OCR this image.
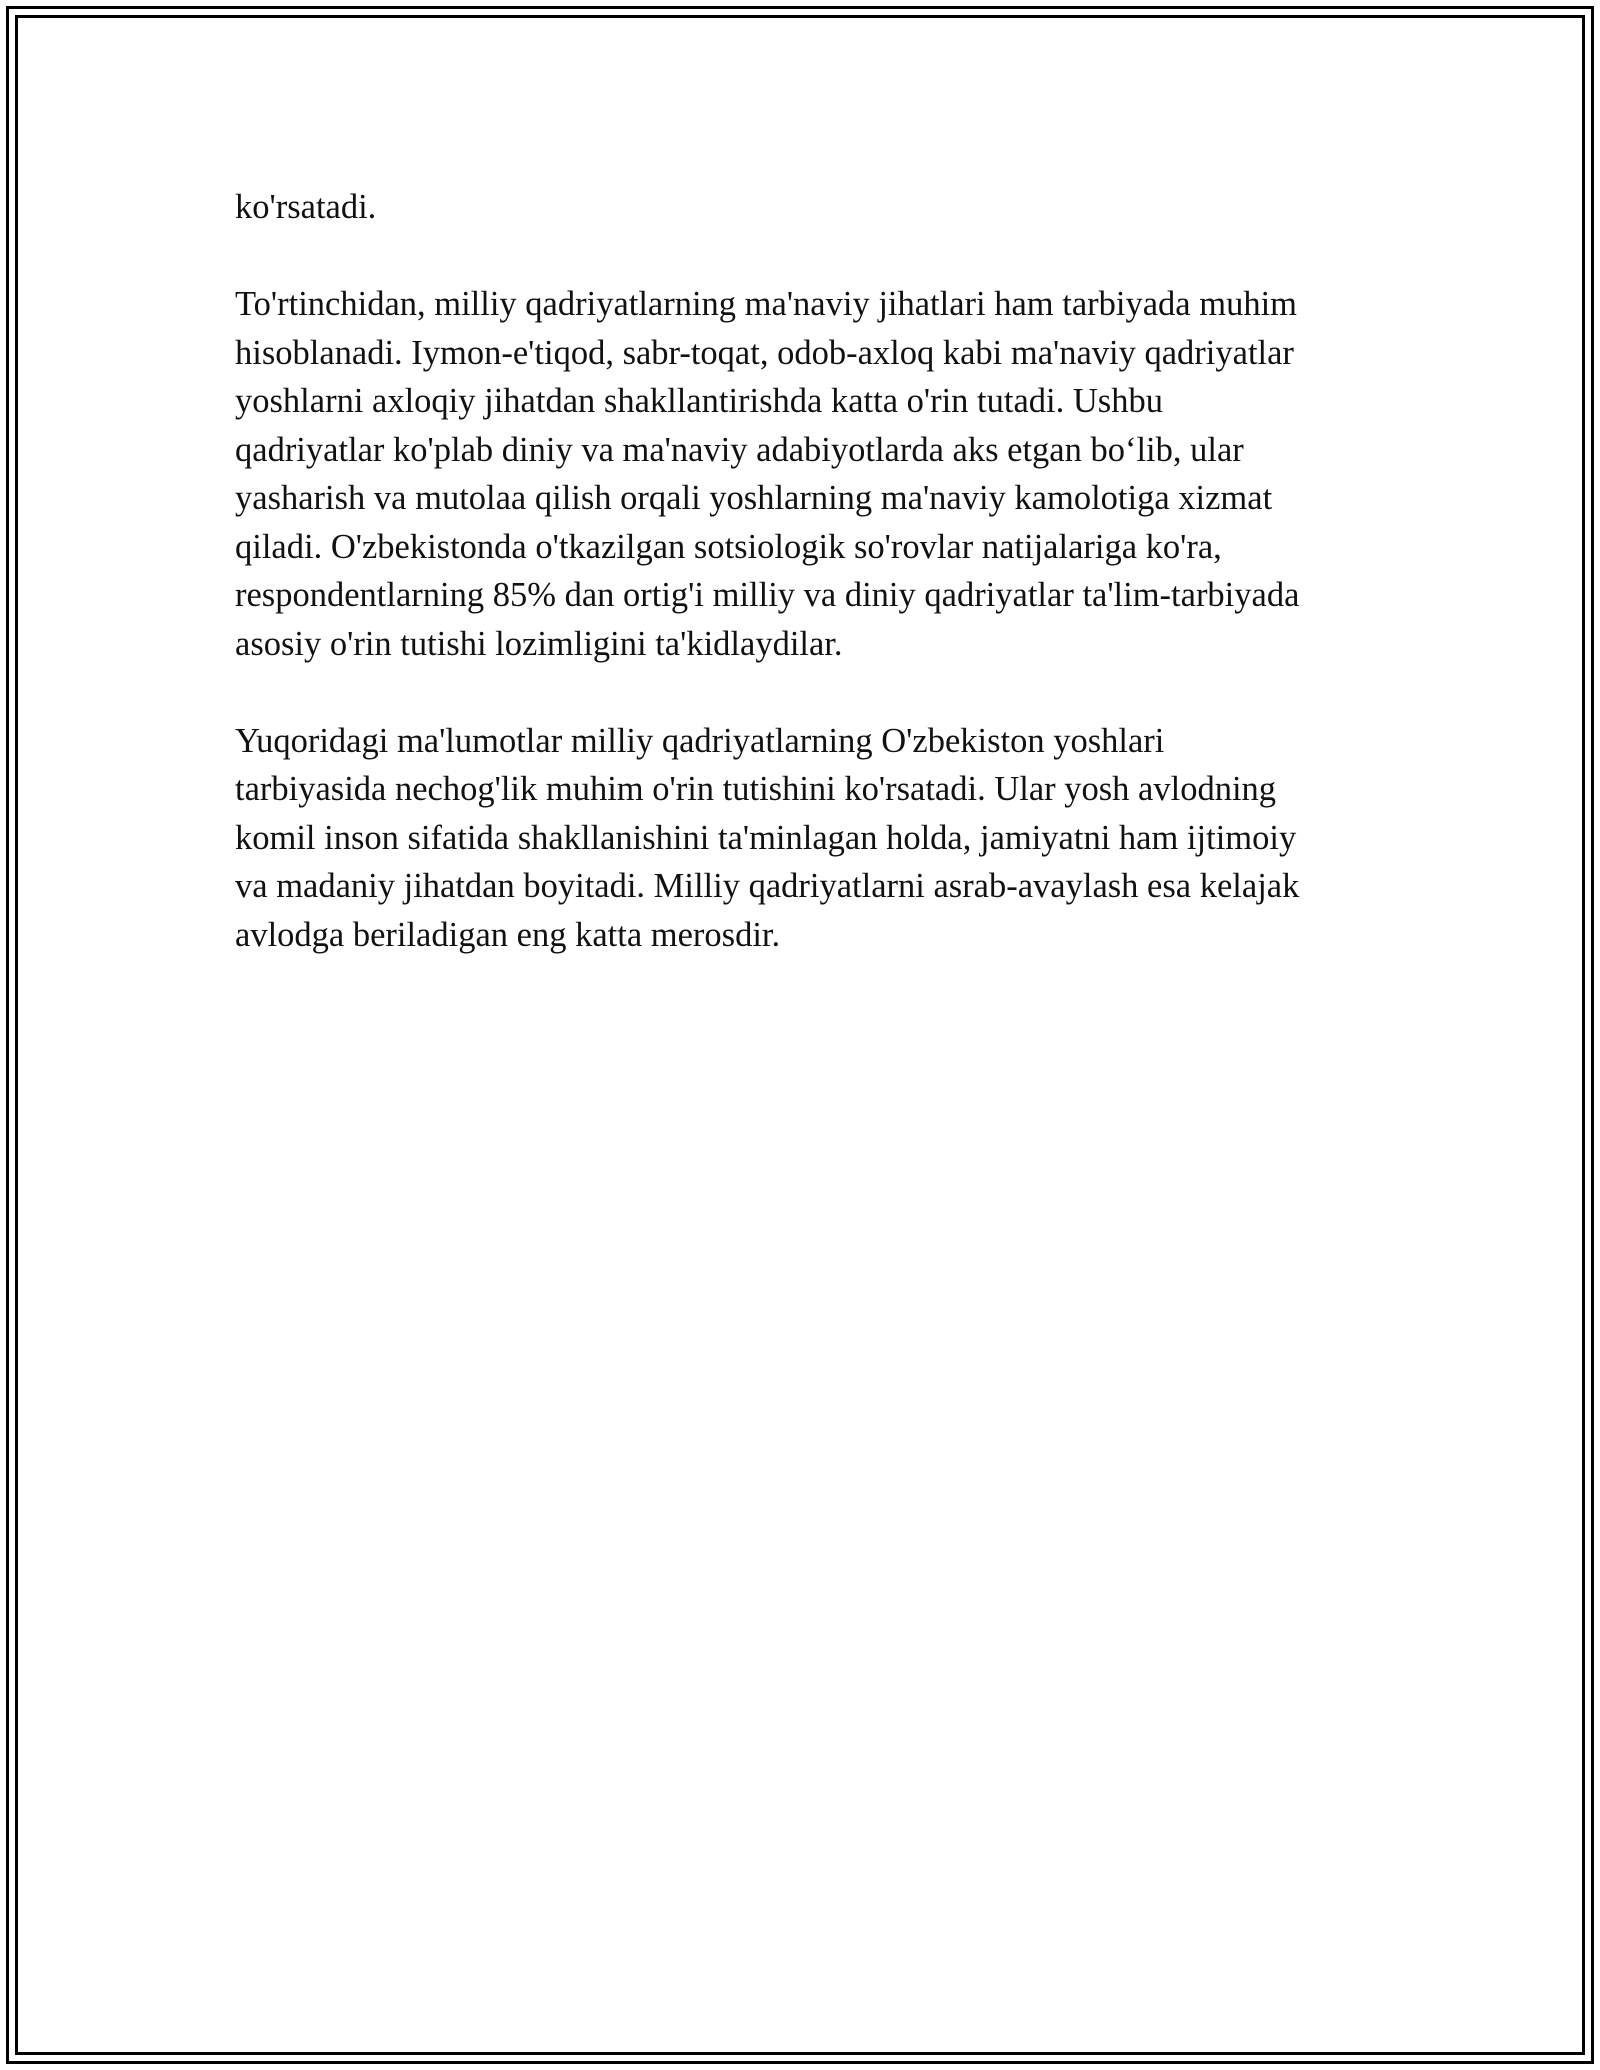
ko'rsatadi.

To'rtinchidan, milliy qadriyatlarning ma'naviy jihatlari ham tarbiyada muhim
hisoblanadi. Iymon-e'tiqod, sabr-toqat, odob-axloq kabi ma'naviy qadriyatlar
yoshlarni axloqiy jihatdan shakllantirishda katta o'rin tutadi. Ushbu
qadriyatlar ko'plab diniy va ma'naviy adabiyotlarda aks etgan bo‘lib, ular
yasharish va mutolaa qilish orqali yoshlarning ma'naviy kamolotiga xizmat
qiladi. O'zbekistonda o'tkazilgan sotsiologik so'rovlar natijalariga ko'ra,
respondentlarning 85% dan ortig'i milliy va diniy qadriyatlar ta'lim-tarbiyada
asosiy o'rin tutishi lozimligini ta'kidlaydilar.

Yuqoridagi ma'lumotlar milliy qadriyatlarning O'zbekiston yoshlari
tarbiyasida nechog'lik muhim o'rin tutishini ko'rsatadi. Ular yosh avlodning
komil inson sifatida shakllanishini ta'minlagan holda, jamiyatni ham ijtimoiy
va madaniy jihatdan boyitadi. Milliy qadriyatlarni asrab-avaylash esa kelajak
avlodga beriladigan eng katta merosdir.
